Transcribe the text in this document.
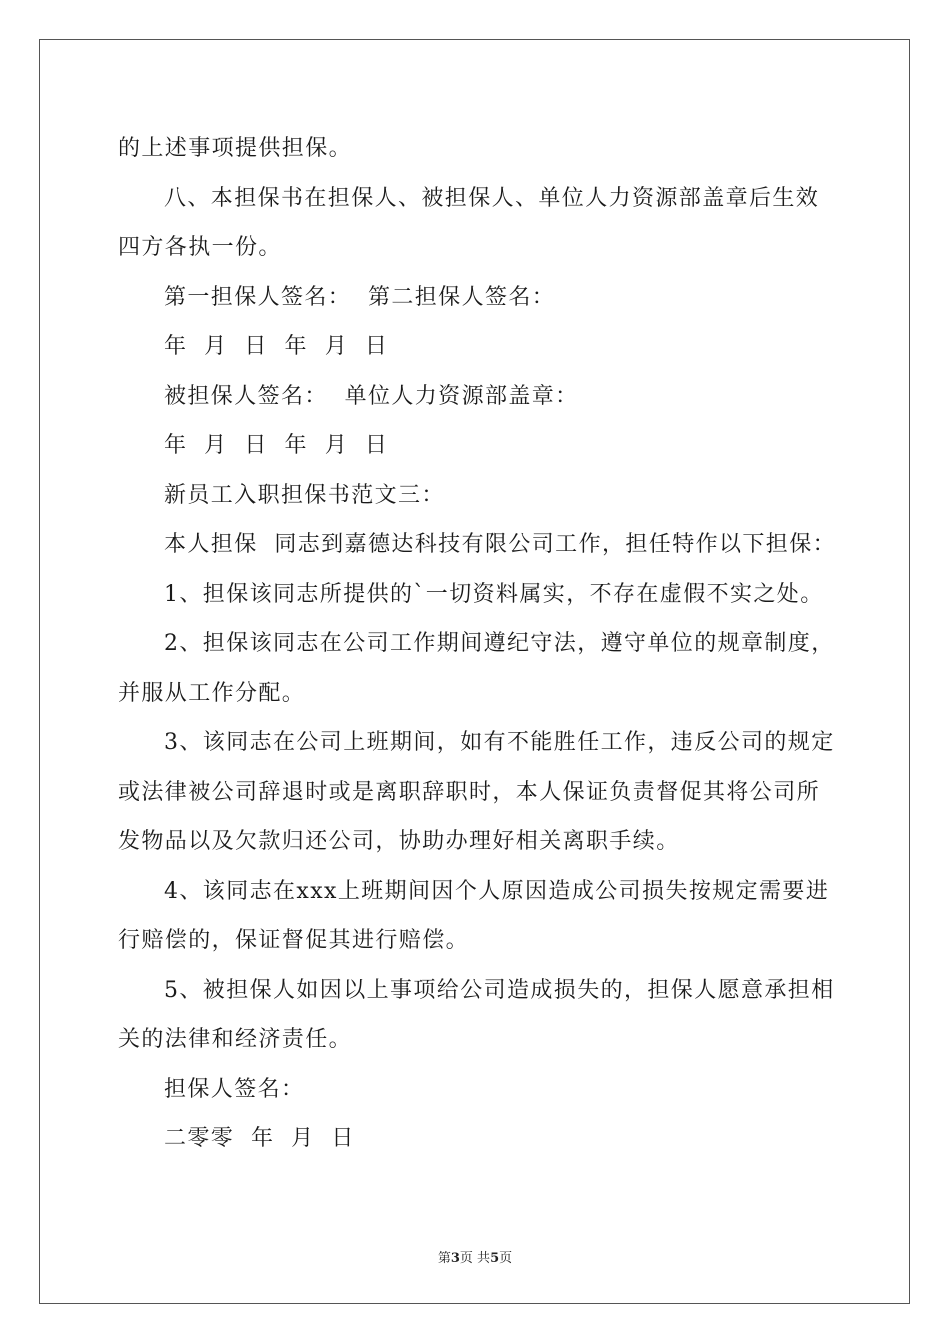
的上述事项提供担保。

八、本担保书在担保人、被担保人、单位人力资源部盖章后生效四方各执一份。

第一担保人签名：  第二担保人签名：

年  月  日  年  月  日

被担保人签名：  单位人力资源部盖章：

年  月  日  年  月  日

新员工入职担保书范文三：

本人担保  同志到嘉德达科技有限公司工作，担任特作以下担保：

1、担保该同志所提供的`一切资料属实，不存在虚假不实之处。

2、担保该同志在公司工作期间遵纪守法，遵守单位的规章制度，并服从工作分配。

3、该同志在公司上班期间，如有不能胜任工作，违反公司的规定或法律被公司辞退时或是离职辞职时，本人保证负责督促其将公司所发物品以及欠款归还公司，协助办理好相关离职手续。

4、该同志在xxx上班期间因个人原因造成公司损失按规定需要进行赔偿的，保证督促其进行赔偿。

5、被担保人如因以上事项给公司造成损失的，担保人愿意承担相关的法律和经济责任。

担保人签名：

二零零  年  月  日

第3页 共5页
